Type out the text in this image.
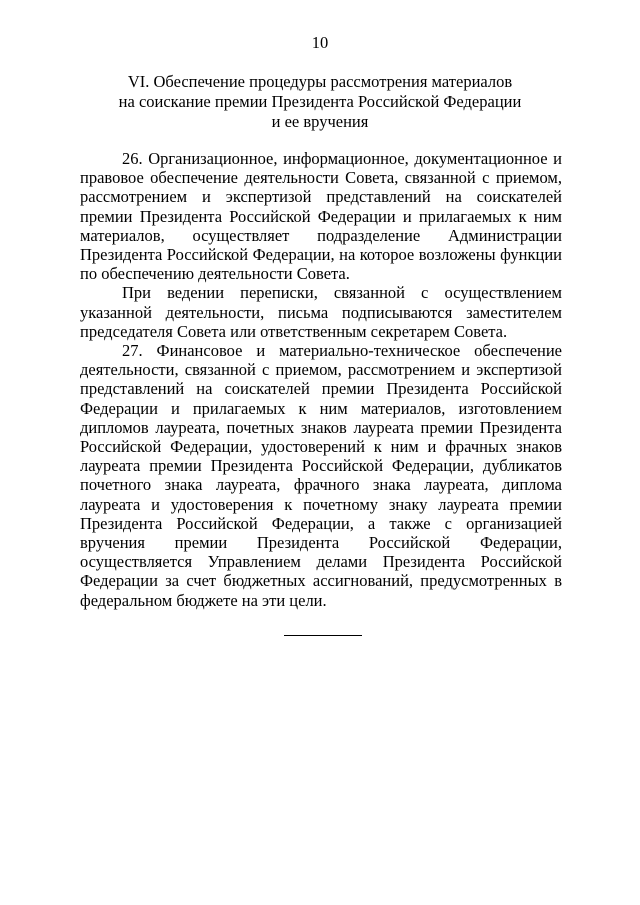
10
VI. Обеспечение процедуры рассмотрения материалов
на соискание премии Президента Российской Федерации
и ее вручения

26. Организационное, информационное, документационное и правовое обеспечение деятельности Совета, связанной с приемом, рассмотрением и экспертизой представлений на соискателей премии Президента Российской Федерации и прилагаемых к ним материалов, осуществляет подразделение Администрации Президента Российской Федерации, на которое возложены функции по обеспечению деятельности Совета.

При ведении переписки, связанной с осуществлением указанной деятельности, письма подписываются заместителем председателя Совета или ответственным секретарем Совета.

27. Финансовое и материально-техническое обеспечение деятельности, связанной с приемом, рассмотрением и экспертизой представлений на соискателей премии Президента Российской Федерации и прилагаемых к ним материалов, изготовлением дипломов лауреата, почетных знаков лауреата премии Президента Российской Федерации, удостоверений к ним и фрачных знаков лауреата премии Президента Российской Федерации, дубликатов почетного знака лауреата, фрачного знака лауреата, диплома лауреата и удостоверения к почетному знаку лауреата премии Президента Российской Федерации, а также с организацией вручения премии Президента Российской Федерации, осуществляется Управлением делами Президента Российской Федерации за счет бюджетных ассигнований, предусмотренных в федеральном бюджете на эти цели.
